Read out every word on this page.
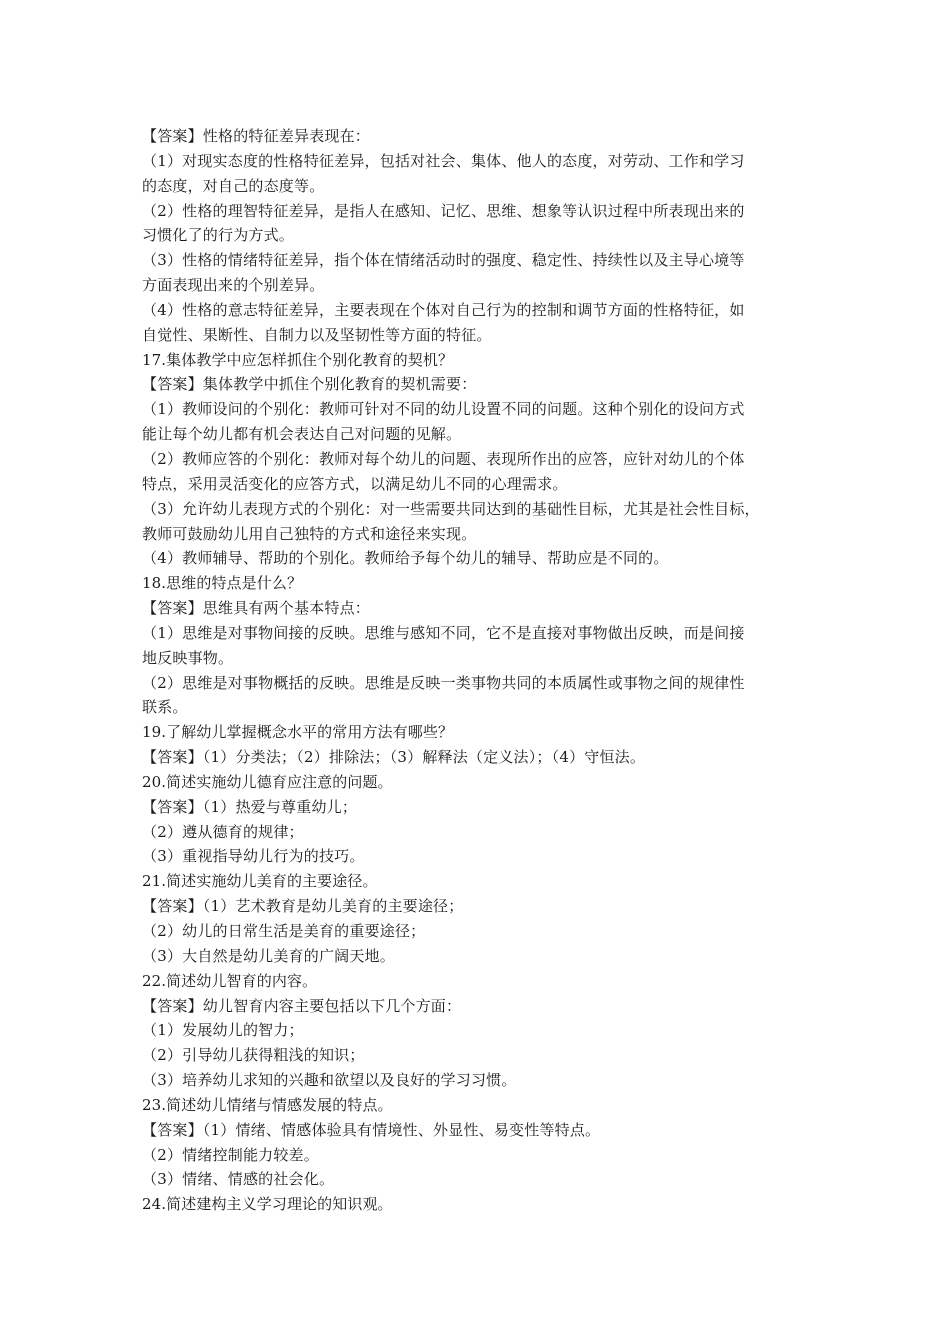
【答案】性格的特征差异表现在：
（1）对现实态度的性格特征差异，包括对社会、集体、他人的态度，对劳动、工作和学习
的态度，对自己的态度等。
（2）性格的理智特征差异，是指人在感知、记忆、思维、想象等认识过程中所表现出来的
习惯化了的行为方式。
（3）性格的情绪特征差异，指个体在情绪活动时的强度、稳定性、持续性以及主导心境等
方面表现出来的个别差异。
（4）性格的意志特征差异，主要表现在个体对自己行为的控制和调节方面的性格特征，如
自觉性、果断性、自制力以及坚韧性等方面的特征。
17.集体教学中应怎样抓住个别化教育的契机？
【答案】集体教学中抓住个别化教育的契机需要：
（1）教师设问的个别化：教师可针对不同的幼儿设置不同的问题。这种个别化的设问方式
能让每个幼儿都有机会表达自己对问题的见解。
（2）教师应答的个别化：教师对每个幼儿的问题、表现所作出的应答，应针对幼儿的个体
特点，采用灵活变化的应答方式，以满足幼儿不同的心理需求。
（3）允许幼儿表现方式的个别化：对一些需要共同达到的基础性目标，尤其是社会性目标，
教师可鼓励幼儿用自己独特的方式和途径来实现。
（4）教师辅导、帮助的个别化。教师给予每个幼儿的辅导、帮助应是不同的。
18.思维的特点是什么？
【答案】思维具有两个基本特点：
（1）思维是对事物间接的反映。思维与感知不同，它不是直接对事物做出反映，而是间接
地反映事物。
（2）思维是对事物概括的反映。思维是反映一类事物共同的本质属性或事物之间的规律性
联系。
19.了解幼儿掌握概念水平的常用方法有哪些？
【答案】（1）分类法；（2）排除法；（3）解释法（定义法）；（4）守恒法。
20.简述实施幼儿德育应注意的问题。
【答案】（1）热爱与尊重幼儿；
（2）遵从德育的规律；
（3）重视指导幼儿行为的技巧。
21.简述实施幼儿美育的主要途径。
【答案】（1）艺术教育是幼儿美育的主要途径；
（2）幼儿的日常生活是美育的重要途径；
（3）大自然是幼儿美育的广阔天地。
22.简述幼儿智育的内容。
【答案】幼儿智育内容主要包括以下几个方面：
（1）发展幼儿的智力；
（2）引导幼儿获得粗浅的知识；
（3）培养幼儿求知的兴趣和欲望以及良好的学习习惯。
23.简述幼儿情绪与情感发展的特点。
【答案】（1）情绪、情感体验具有情境性、外显性、易变性等特点。
（2）情绪控制能力较差。
（3）情绪、情感的社会化。
24.简述建构主义学习理论的知识观。
